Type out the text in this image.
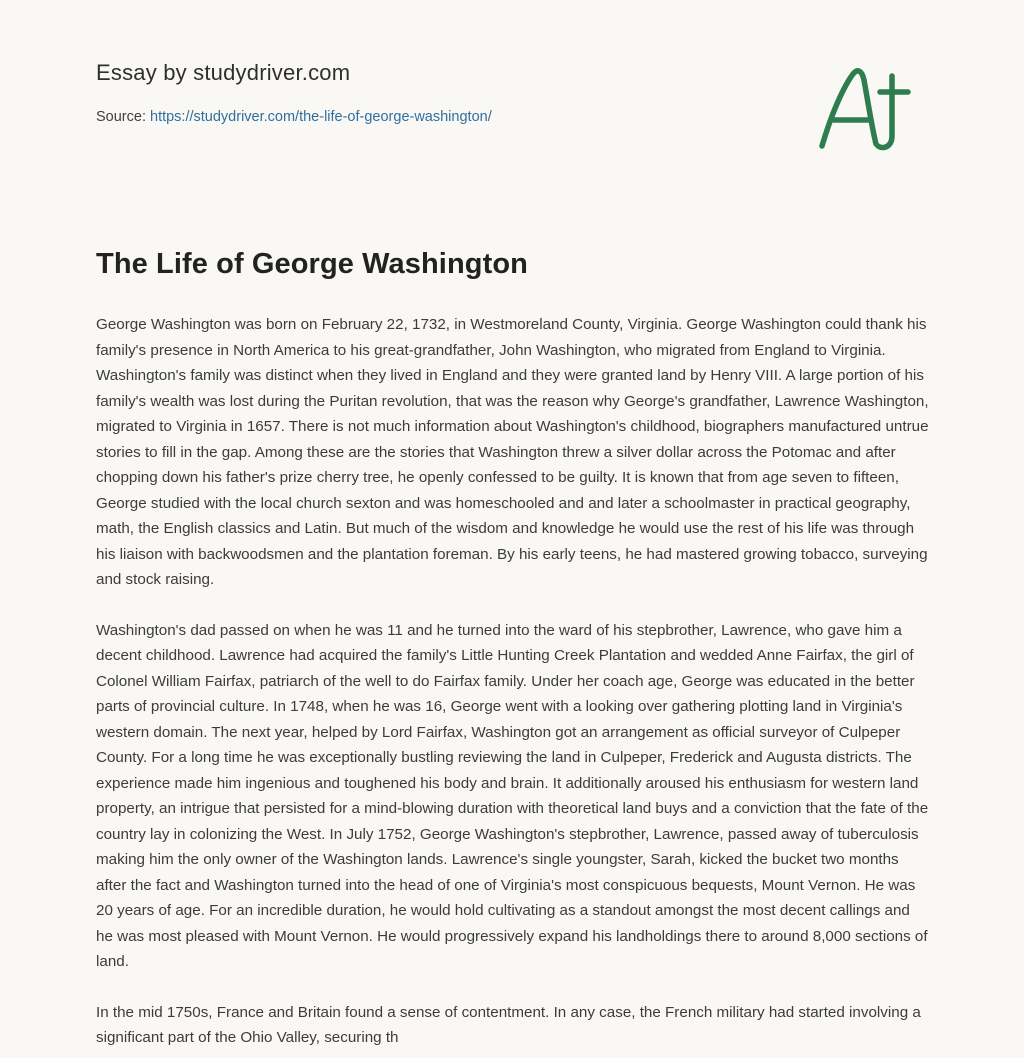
Essay by studydriver.com
Source: https://studydriver.com/the-life-of-george-washington/
The Life of George Washington

George Washington was born on February 22, 1732, in Westmoreland County, Virginia. George Washington could thank his family's presence in North America to his great-grandfather, John Washington, who migrated from England to Virginia. Washington's family was distinct when they lived in England and they were granted land by Henry VIII. A large portion of his family's wealth was lost during the Puritan revolution, that was the reason why George's grandfather, Lawrence Washington, migrated to Virginia in 1657. There is not much information about Washington's childhood, biographers manufactured untrue stories to fill in the gap. Among these are the stories that Washington threw a silver dollar across the Potomac and after chopping down his father's prize cherry tree, he openly confessed to be guilty. It is known that from age seven to fifteen, George studied with the local church sexton and was homeschooled and and later a schoolmaster in practical geography, math, the English classics and Latin. But much of the wisdom and knowledge he would use the rest of his life was through his liaison with backwoodsmen and the plantation foreman. By his early teens, he had mastered growing tobacco, surveying and stock raising.

Washington's dad passed on when he was 11 and he turned into the ward of his stepbrother, Lawrence, who gave him a decent childhood. Lawrence had acquired the family's Little Hunting Creek Plantation and wedded Anne Fairfax, the girl of Colonel William Fairfax, patriarch of the well to do Fairfax family. Under her coach age, George was educated in the better parts of provincial culture. In 1748, when he was 16, George went with a looking over gathering plotting land in Virginia's western domain. The next year, helped by Lord Fairfax, Washington got an arrangement as official surveyor of Culpeper County. For a long time he was exceptionally bustling reviewing the land in Culpeper, Frederick and Augusta districts. The experience made him ingenious and toughened his body and brain. It additionally aroused his enthusiasm for western land property, an intrigue that persisted for a mind-blowing duration with theoretical land buys and a conviction that the fate of the country lay in colonizing the West. In July 1752, George Washington's stepbrother, Lawrence, passed away of tuberculosis making him the only owner of the Washington lands. Lawrence's single youngster, Sarah, kicked the bucket two months after the fact and Washington turned into the head of one of Virginia's most conspicuous bequests, Mount Vernon. He was 20 years of age. For an incredible duration, he would hold cultivating as a standout amongst the most decent callings and he was most pleased with Mount Vernon. He would progressively expand his landholdings there to around 8,000 sections of land.

In the mid 1750s, France and Britain found a sense of contentment. In any case, the French military had started involving a significant part of the Ohio Valley, securing th
